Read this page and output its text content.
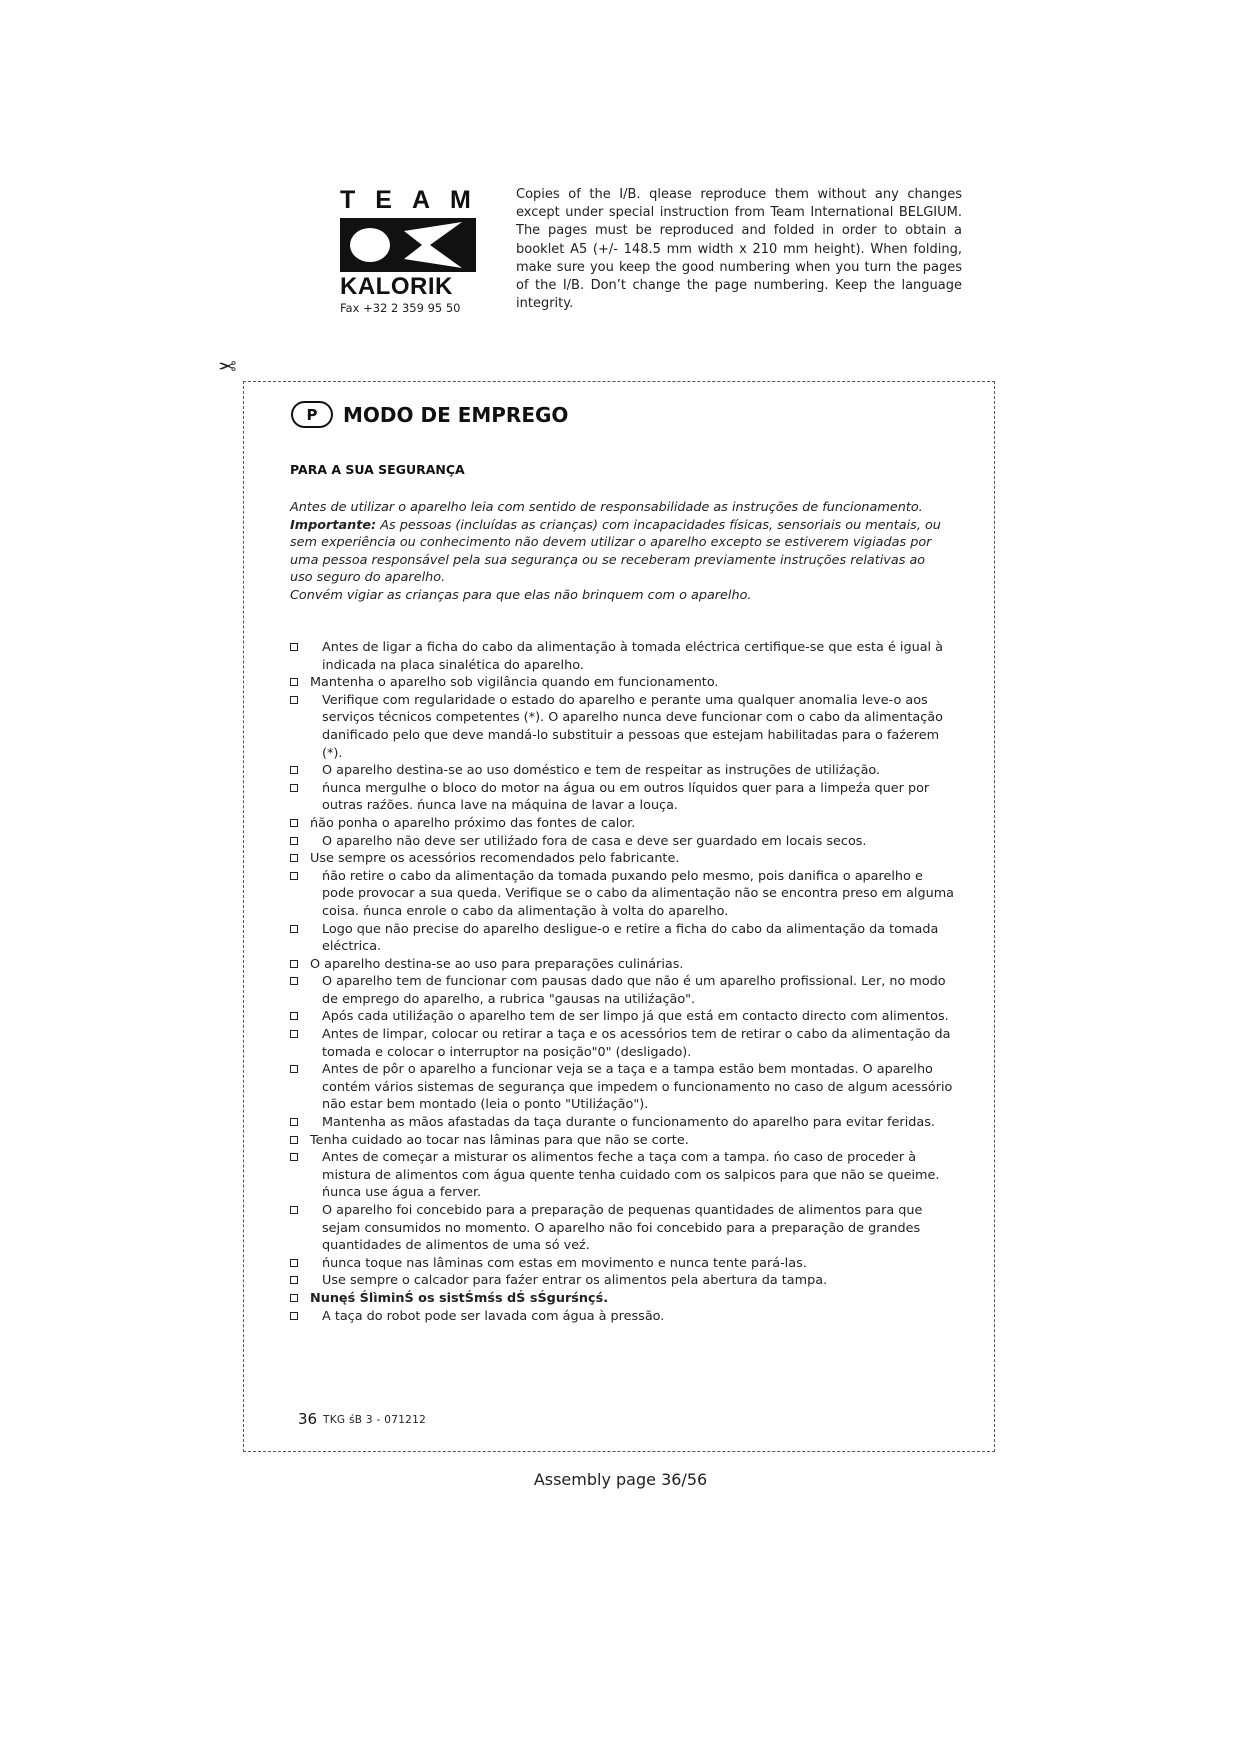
TEAM
KALORIK
Fax +32 2 359 95 50
Copies of the I/B. qlease reproduce them without any changes except under special instruction from Team International BELGIUM. The pages must be reproduced and folded in order to obtain a booklet A5 (+/- 148.5 mm width x 210 mm height). When folding, make sure you keep the good numbering when you turn the pages of the I/B. Don’t change the page numbering. Keep the language integrity.
✂
P	MODO DE EMPREGO
PARA A SUA SEGURANÇA

Antes de utilizar o aparelho leia com sentido de responsabilidade as instruções de funcionamento.

Importante: As pessoas (incluídas as crianças) com incapacidades físicas, sensoriais ou mentais, ou sem experiência ou conhecimento não devem utilizar o aparelho excepto se estiverem vigiadas por uma pessoa responsável pela sua segurança ou se receberam previamente instruções relativas ao uso seguro do aparelho.

Convém vigiar as crianças para que elas não brinquem com o aparelho.

Antes de ligar a ficha do cabo da alimentação à tomada eléctrica certifique-se que esta é igual à indicada na placa sinalética do aparelho.
Mantenha o aparelho sob vigilância quando em funcionamento.
Verifique com regularidade o estado do aparelho e perante uma qualquer anomalia leve-o aos serviços técnicos competentes (*). O aparelho nunca deve funcionar com o cabo da alimentação danificado pelo que deve mandá-lo substituir a pessoas que estejam habilitadas para o faźerem (*).
O aparelho destina-se ao uso doméstico e tem de respeitar as instruções de utiliźação.
ńunca mergulhe o bloco do motor na água ou em outros líquidos quer para a limpeźa quer por outras raźões. ńunca lave na máquina de lavar a louça.
ńão ponha o aparelho próximo das fontes de calor.
O aparelho não deve ser utiliźado fora de casa e deve ser guardado em locais secos.
Use sempre os acessórios recomendados pelo fabricante.
ńão retire o cabo da alimentação da tomada puxando pelo mesmo, pois danifica o aparelho e pode provocar a sua queda. Verifique se o cabo da alimentação não se encontra preso em alguma coisa. ńunca enrole o cabo da alimentação à volta do aparelho.
Logo que não precise do aparelho desligue-o e retire a ficha do cabo da alimentação da tomada eléctrica.
O aparelho destina-se ao uso para preparações culinárias.
O aparelho tem de funcionar com pausas dado que não é um aparelho profissional. Ler, no modo de emprego do aparelho, a rubrica "gausas na utiliźação".
Após cada utiliźação o aparelho tem de ser limpo já que está em contacto directo com alimentos.
Antes de limpar, colocar ou retirar a taça e os acessórios tem de retirar o cabo da alimentação da tomada e colocar o interruptor na posição"0" (desligado).
Antes de pôr o aparelho a funcionar veja se a taça e a tampa estão bem montadas. O aparelho contém vários sistemas de segurança que impedem o funcionamento no caso de algum acessório não estar bem montado (leia o ponto "Utiliźação").
Mantenha as mãos afastadas da taça durante o funcionamento do aparelho para evitar feridas.
Tenha cuidado ao tocar nas lâminas para que não se corte.
Antes de começar a misturar os alimentos feche a taça com a tampa. ńo caso de proceder à mistura de alimentos com água quente tenha cuidado com os salpicos para que não se queime. ńunca use água a ferver.
O aparelho foi concebido para a preparação de pequenas quantidades de alimentos para que sejam consumidos no momento. O aparelho não foi concebido para a preparação de grandes quantidades de alimentos de uma só veź.
ńunca toque nas lâminas com estas em movimento e nunca tente pará-las.
Use sempre o calcador para faźer entrar os alimentos pela abertura da tampa.
Nunęś ŚlìminŚ os sistŚmśs dŚ sŚgurśnçś.
A taça do robot pode ser lavada com água à pressão.
36 TKG śB 3 - 071212
Assembly page 36/56
